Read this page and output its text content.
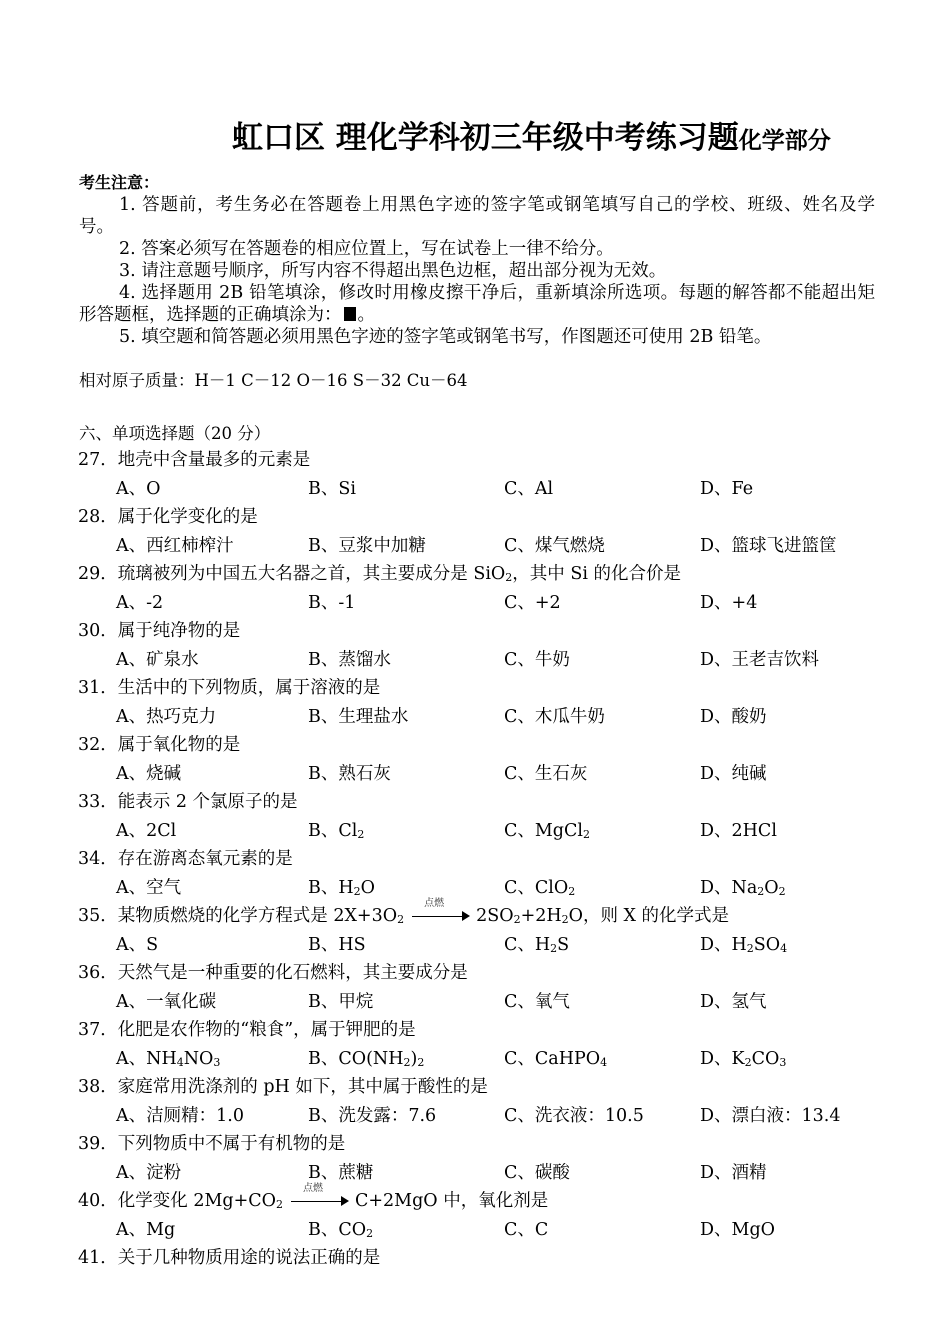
虹口区 理化学科初三年级中考练习题化学部分
考生注意：

1. 答题前，考生务必在答题卷上用黑色字迹的签字笔或钢笔填写自己的学校、班级、姓名及学号。

2. 答案必须写在答题卷的相应位置上，写在试卷上一律不给分。

3. 请注意题号顺序，所写内容不得超出黑色边框，超出部分视为无效。

4. 选择题用 2B 铅笔填涂，修改时用橡皮擦干净后，重新填涂所选项。每题的解答都不能超出矩形答题框，选择题的正确填涂为： 。

5. 填空题和简答题必须用黑色字迹的签字笔或钢笔书写，作图题还可使用 2B 铅笔。

相对原子质量：H－1 C－12 O－16 S－32 Cu－64
六、单项选择题（20 分）
27．地壳中含量最多的元素是
A、O	B、Si	C、Al	D、Fe
28．属于化学变化的是
A、西红柿榨汁	B、豆浆中加糖	C、煤气燃烧	D、篮球飞进篮筐
29．琉璃被列为中国五大名器之首，其主要成分是 SiO$_2$，其中 Si 的化合价是
A、-2	B、-1	C、+2	D、+4
30．属于纯净物的是
A、矿泉水	B、蒸馏水	C、牛奶	D、王老吉饮料
31．生活中的下列物质，属于溶液的是
A、热巧克力	B、生理盐水	C、木瓜牛奶	D、酸奶
32．属于氧化物的是
A、烧碱	B、熟石灰	C、生石灰	D、纯碱
33．能表示 2 个氯原子的是
A、2Cl	B、$Cl_2$	C、MgCl$_2$	D、2HCl
34．存在游离态氧元素的是
A、空气	B、$H_2O$	C、ClO$_2$	D、$Na_2O_2$
35．某物质燃烧的化学方程式是 $2X+3O_2$
点燃
$2SO_2+2H_2O$，则 X 的化学式是
A、S	B、HS	C、$H_2S$	D、$H_2SO_4$
36．天然气是一种重要的化石燃料，其主要成分是
A、一氧化碳	B、甲烷	C、氧气	D、氢气
37．化肥是农作物的“粮食”，属于钾肥的是
A、$NH_4NO_3$	B、$CO(NH_2)_2$	C、CaHPO$_4$	D、$K_2CO_3$
38．家庭常用洗涤剂的 pH 如下，其中属于酸性的是
A、洁厕精：1.0	B、洗发露：7.6	C、洗衣液：10.5	D、漂白液：13.4
39．下列物质中不属于有机物的是
A、淀粉	B、蔗糖	C、碳酸	D、酒精
40．化学变化 $2Mg+CO_2$
点燃
C+2MgO 中，氧化剂是
A、Mg	B、$CO_2$	C、C	D、MgO
41．关于几种物质用途的说法正确的是
